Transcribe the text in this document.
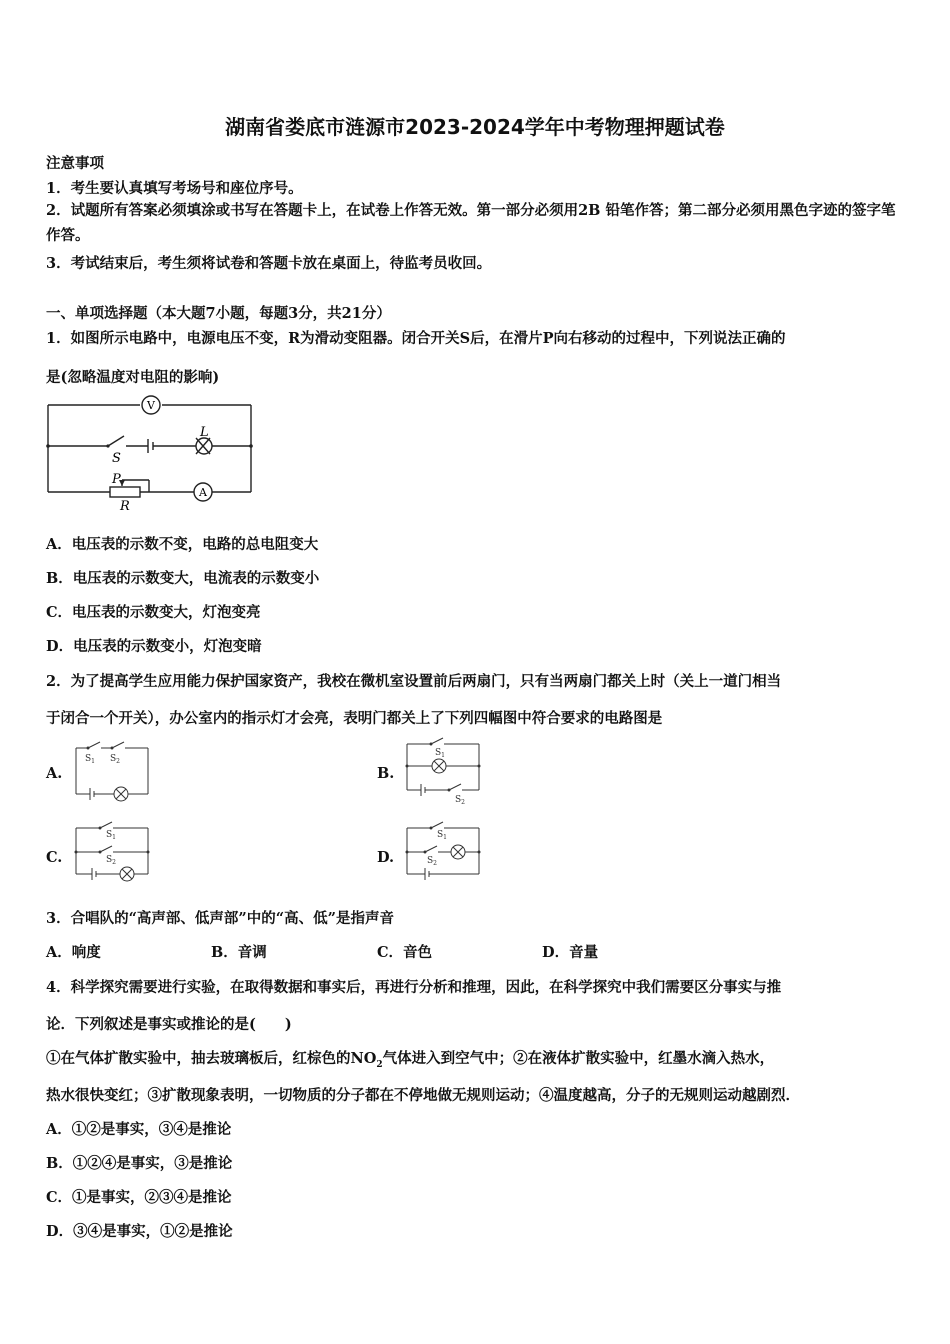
湖南省娄底市涟源市2023-2024学年中考物理押题试卷
注意事项
1．考生要认真填写考场号和座位序号。
2．试题所有答案必须填涂或书写在答题卡上，在试卷上作答无效。第一部分必须用2B 铅笔作答；第二部分必须用黑色字迹的签字笔作答。
3．考试结束后，考生须将试卷和答题卡放在桌面上，待监考员收回。
一、单项选择题（本大题7小题，每题3分，共21分）
1．如图所示电路中，电源电压不变，R为滑动变阻器。闭合开关S后，在滑片P向右移动的过程中，下列说法正确的
是(忽略温度对电阻的影响)
V
A
S
L
P
R
A．电压表的示数不变，电路的总电阻变大
B．电压表的示数变大，电流表的示数变小
C．电压表的示数变大，灯泡变亮
D．电压表的示数变小，灯泡变暗
2．为了提高学生应用能力保护国家资产，我校在微机室设置前后两扇门，只有当两扇门都关上时（关上一道门相当
于闭合一个开关），办公室内的指示灯才会亮，表明门都关上了下列四幅图中符合要求的电路图是
A.
$S_1$ $S_2$
B.
$S_1$
$S_2$
C.
$S_1$
$S_2$	D.
$S_1$
$S_2$
3．合唱队的“高声部、低声部”中的“高、低”是指声音
A．响度	B．音调	C．音色	D．音量
4．科学探究需要进行实验，在取得数据和事实后，再进行分析和推理，因此，在科学探究中我们需要区分事实与推
论．下列叙述是事实或推论的是(　　)
①在气体扩散实验中，抽去玻璃板后，红棕色的$NO_2$气体进入到空气中；②在液体扩散实验中，红墨水滴入热水，
热水很快变红；③扩散现象表明，一切物质的分子都在不停地做无规则运动；④温度越高，分子的无规则运动越剧烈．
A．①②是事实，③④是推论
B．①②④是事实，③是推论
C．①是事实，②③④是推论
D．③④是事实，①②是推论
